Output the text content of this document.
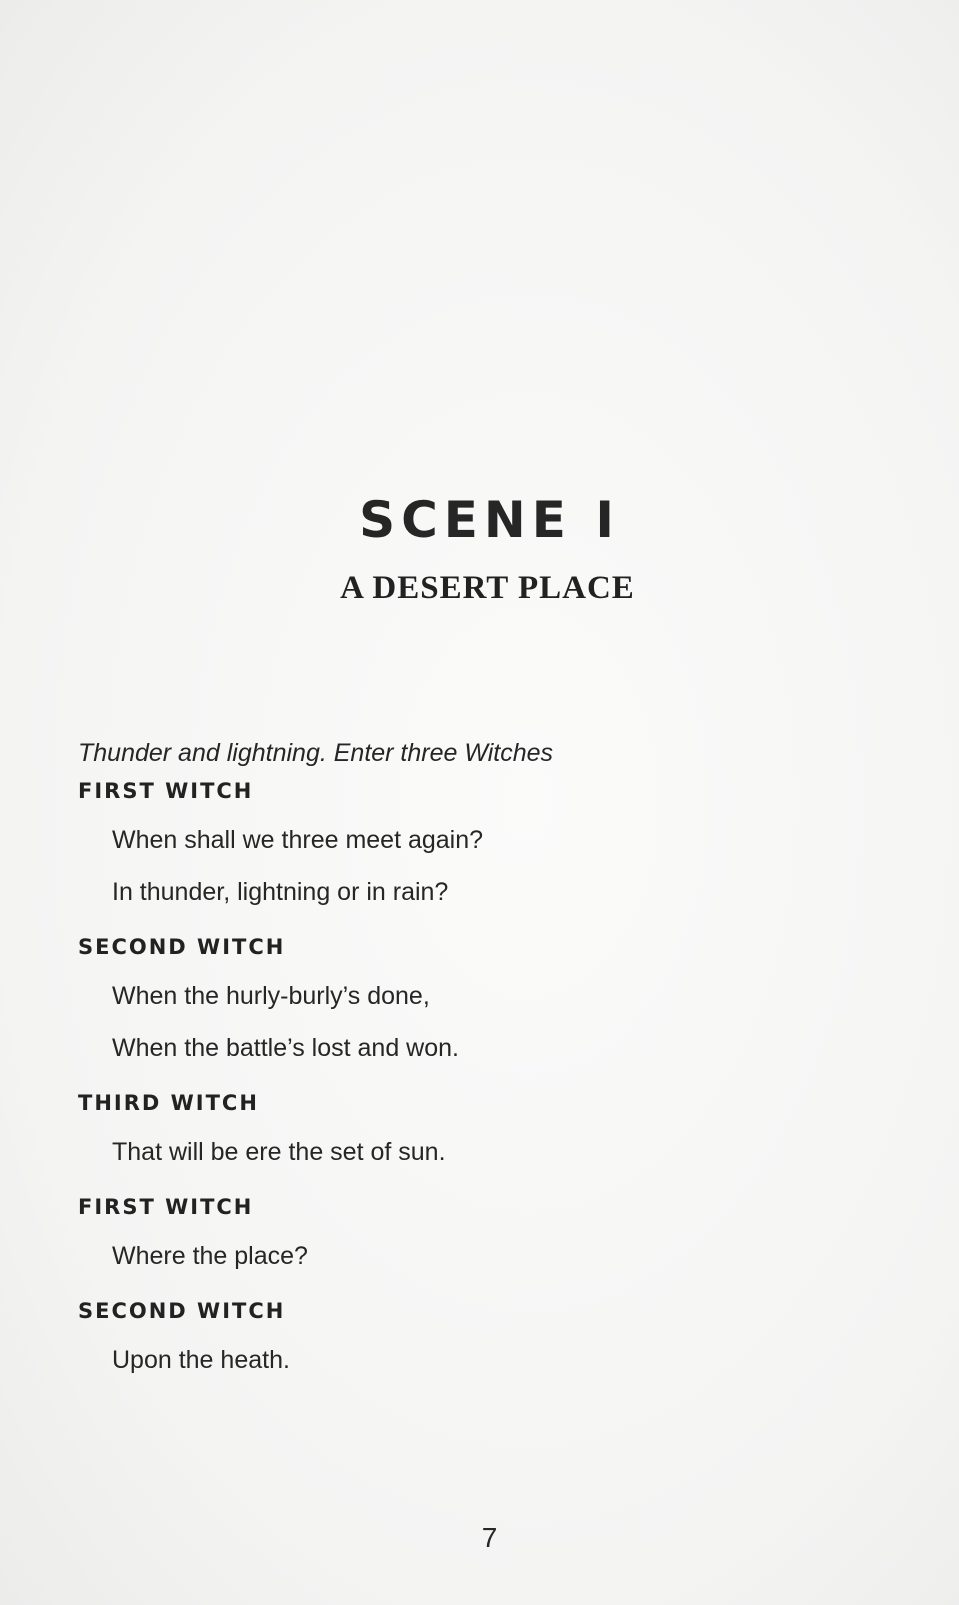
SCENE I
A DESERT PLACE
Thunder and lightning. Enter three Witches
FIRST WITCH
When shall we three meet again?
In thunder, lightning or in rain?
SECOND WITCH
When the hurly-burly’s done,
When the battle’s lost and won.
THIRD WITCH
That will be ere the set of sun.
FIRST WITCH
Where the place?
SECOND WITCH
Upon the heath.
7
